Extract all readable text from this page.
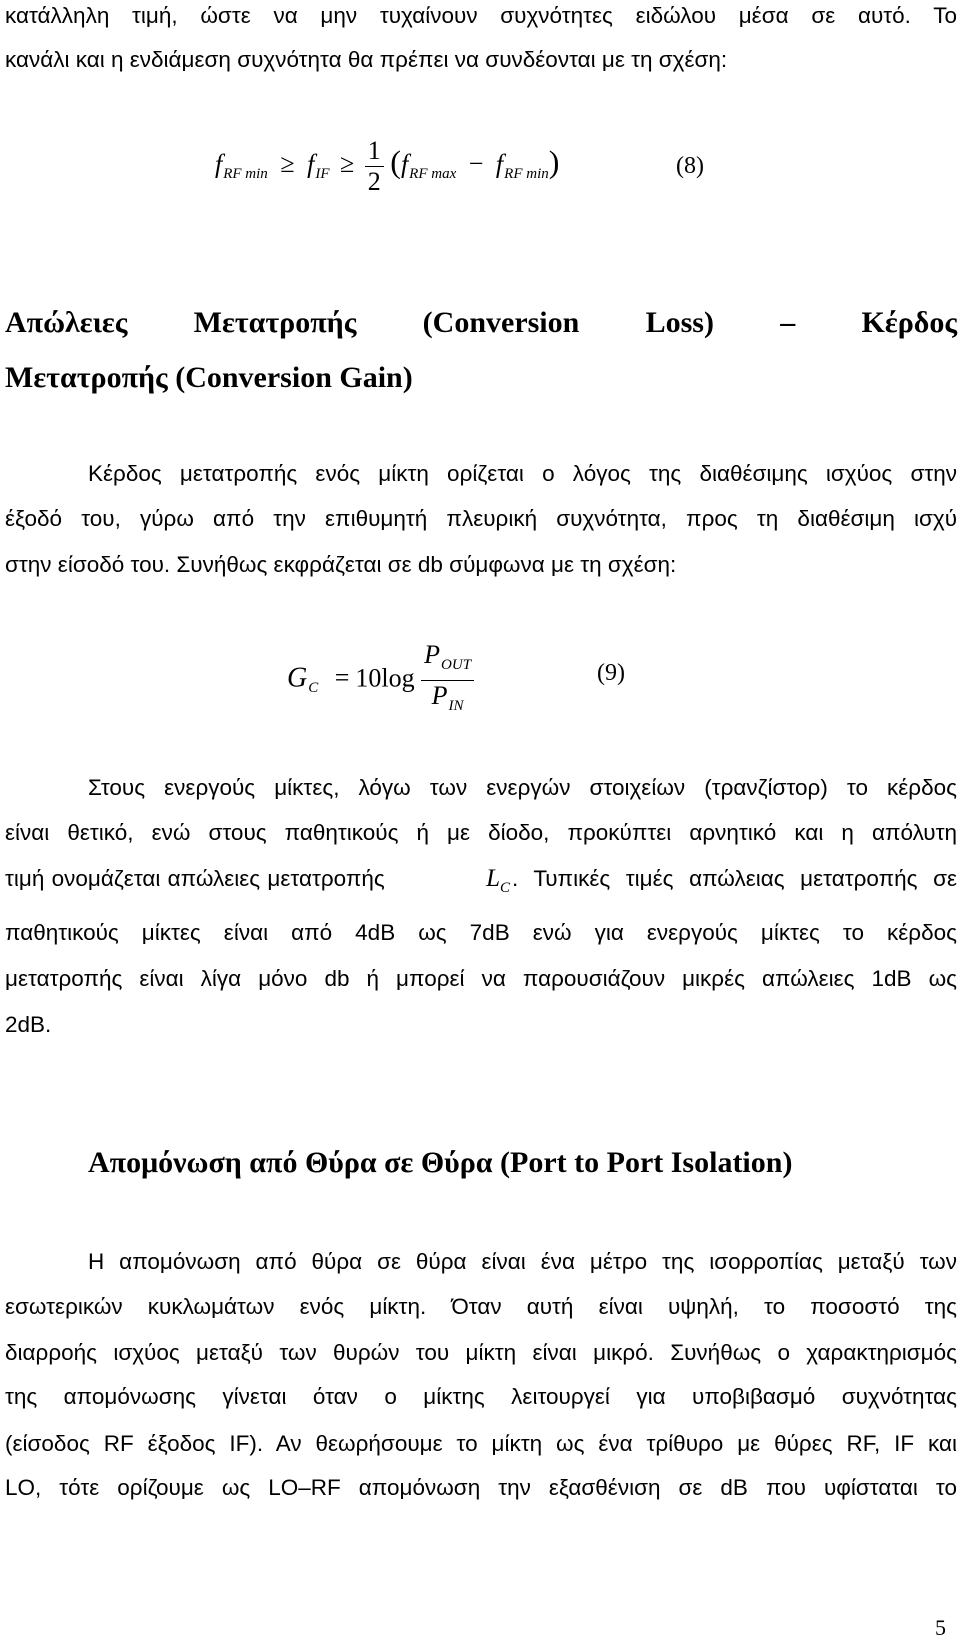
κατάλληλη τιμή, ώστε να μην τυχαίνουν συχνότητες ειδώλου μέσα σε αυτό. Το
κανάλι και η ενδιάμεση συχνότητα θα πρέπει να συνδέονται με τη σχέση:
$f_{RF min} \ge f_{IF} \ge \frac{1}{2} (f_{RF max} - f_{RF min})$	(8)
Απώλειες Μετατροπής (Conversion Loss) – Κέρδος
Μετατροπής (Conversion Gain)
Κέρδος μετατροπής ενός μίκτη ορίζεται ο λόγος της διαθέσιμης ισχύος στην
έξοδό του, γύρω από την επιθυμητή πλευρική συχνότητα, προς τη διαθέσιμη ισχύ
στην είσοδό του. Συνήθως εκφράζεται σε db σύμφωνα με τη σχέση:
$G_C = 10\log \frac{P_{OUT}}{P_{IN}}$	(9)
Στους ενεργούς μίκτες, λόγω των ενεργών στοιχείων (τρανζίστορ) το κέρδος
είναι θετικό, ενώ στους παθητικούς ή με δίοδο, προκύπτει αρνητικό και η απόλυτη
τιμή ονομάζεται απώλειες μετατροπής	$L_C$ . Τυπικές τιμές απώλειας μετατροπής σε
παθητικούς μίκτες είναι από 4dB ως 7dB ενώ για ενεργούς μίκτες το κέρδος
μετατροπής είναι λίγα μόνο db ή μπορεί να παρουσιάζουν μικρές απώλειες 1dB ως
2dB.
Απομόνωση από Θύρα σε Θύρα (Port to Port Isolation)
Η απομόνωση από θύρα σε θύρα είναι ένα μέτρο της ισορροπίας μεταξύ των
εσωτερικών κυκλωμάτων ενός μίκτη. Όταν αυτή είναι υψηλή, το ποσοστό της
διαρροής ισχύος μεταξύ των θυρών του μίκτη είναι μικρό. Συνήθως ο χαρακτηρισμός
της απομόνωσης γίνεται όταν ο μίκτης λειτουργεί για υποβιβασμό συχνότητας
(είσοδος RF έξοδος IF). Αν θεωρήσουμε το μίκτη ως ένα τρίθυρο με θύρες RF, IF και
LO, τότε ορίζουμε ως LO–RF απομόνωση την εξασθένιση σε dB που υφίσταται το
5
